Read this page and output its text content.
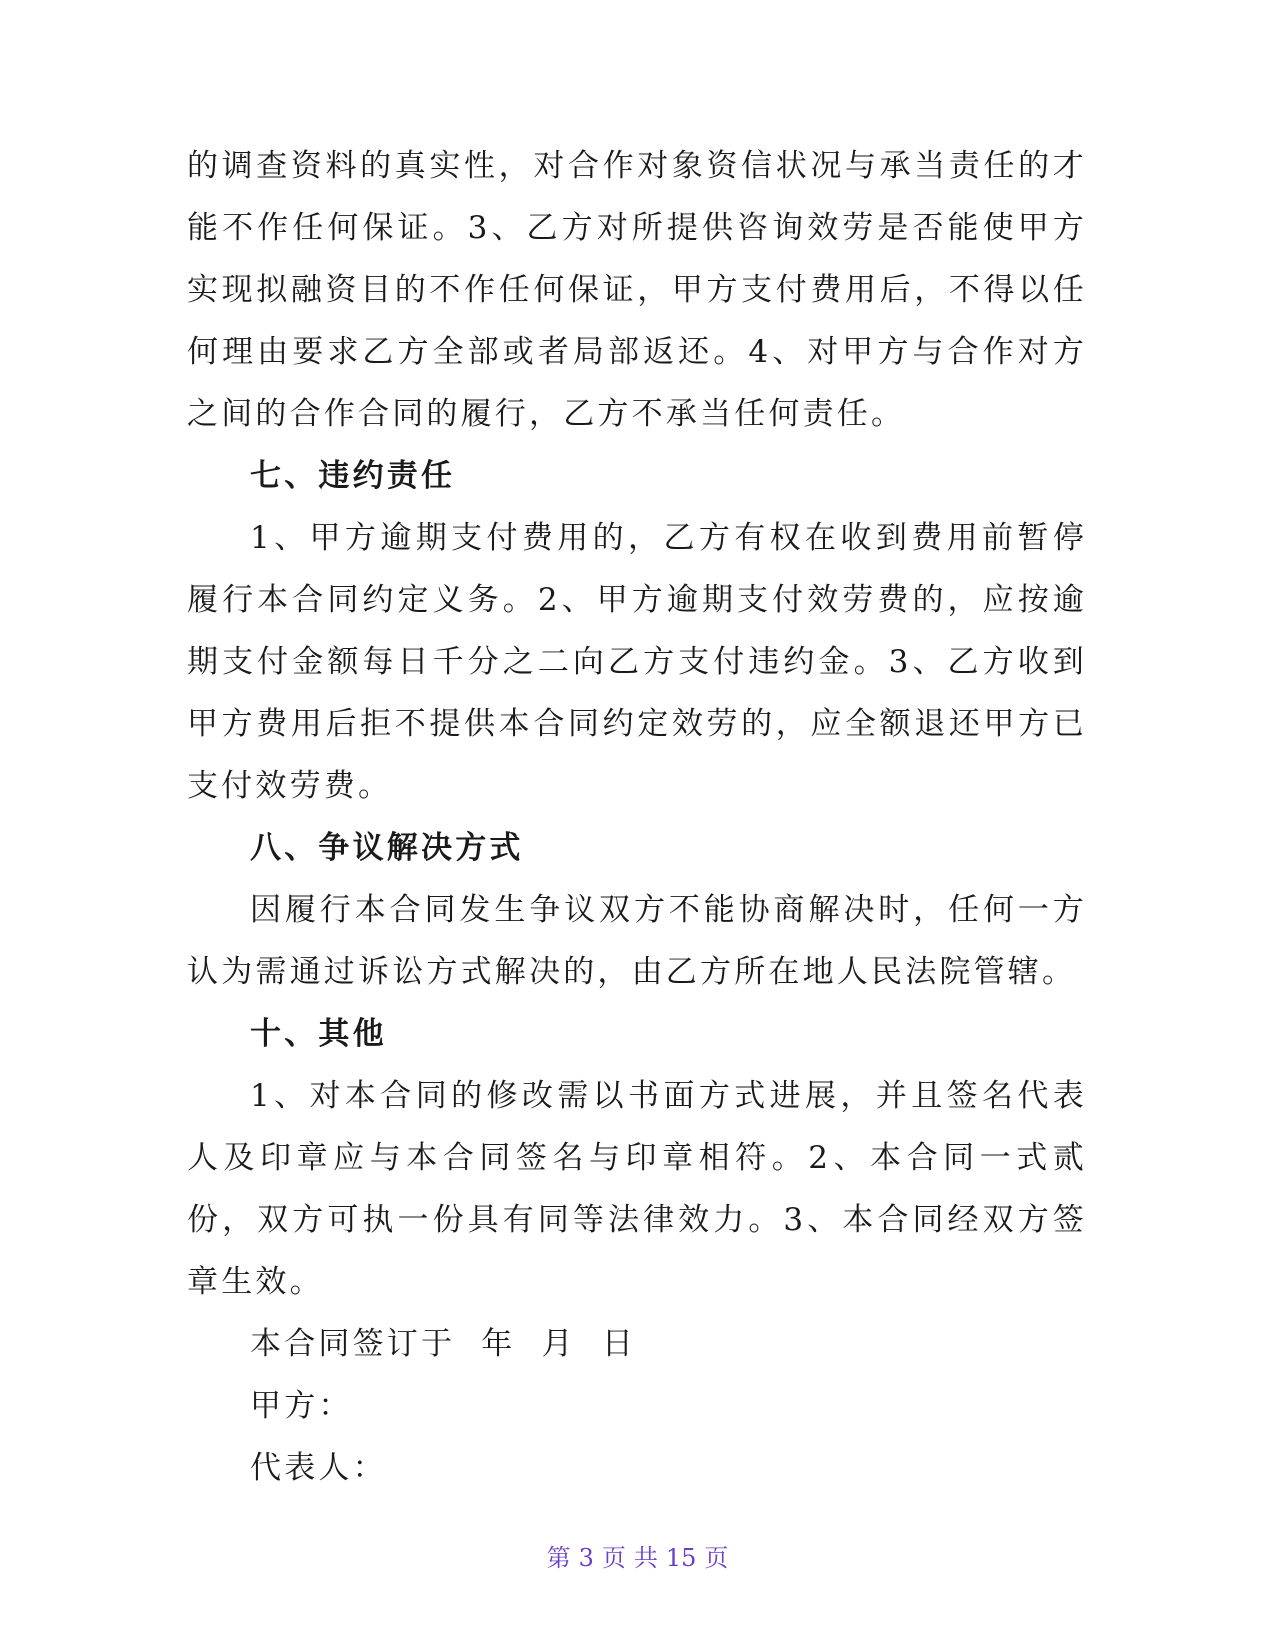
的调查资料的真实性，对合作对象资信状况与承当责任的才能不作任何保证。3、乙方对所提供咨询效劳是否能使甲方实现拟融资目的不作任何保证，甲方支付费用后，不得以任何理由要求乙方全部或者局部返还。4、对甲方与合作对方之间的合作合同的履行，乙方不承当任何责任。

七、违约责任

1、甲方逾期支付费用的，乙方有权在收到费用前暂停履行本合同约定义务。2、甲方逾期支付效劳费的，应按逾期支付金额每日千分之二向乙方支付违约金。3、乙方收到甲方费用后拒不提供本合同约定效劳的，应全额退还甲方已支付效劳费。

八、争议解决方式

因履行本合同发生争议双方不能协商解决时，任何一方认为需通过诉讼方式解决的，由乙方所在地人民法院管辖。

十、其他

1、对本合同的修改需以书面方式进展，并且签名代表人及印章应与本合同签名与印章相符。2、本合同一式贰份，双方可执一份具有同等法律效力。3、本合同经双方签章生效。

本合同签订于  年  月  日

甲方：

代表人：

第 3 页 共 15 页
